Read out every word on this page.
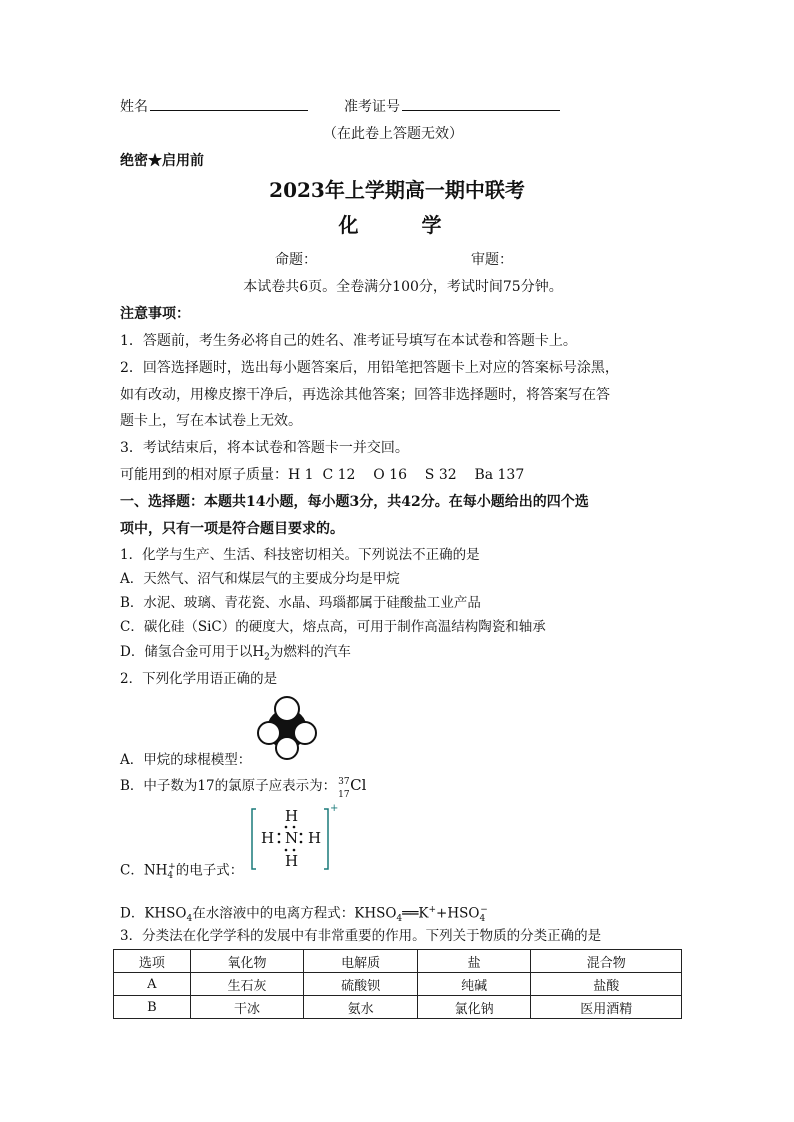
姓名	准考证号
（在此卷上答题无效）
绝密★启用前
2023年上学期高一期中联考
化 学
命题：	审题：
本试卷共6页。全卷满分100分，考试时间75分钟。
注意事项：
1．答题前，考生务必将自己的姓名、准考证号填写在本试卷和答题卡上。
2．回答选择题时，选出每小题答案后，用铅笔把答题卡上对应的答案标号涂黑，
如有改动，用橡皮擦干净后，再选涂其他答案；回答非选择题时，将答案写在答
题卡上，写在本试卷上无效。
3．考试结束后，将本试卷和答题卡一并交回。
可能用到的相对原子质量：H 1  C 12    O 16    S 32    Ba 137
一、选择题：本题共14小题，每小题3分，共42分。在每小题给出的四个选
项中，只有一项是符合题目要求的。
1．化学与生产、生活、科技密切相关。下列说法不正确的是
A．天然气、沼气和煤层气的主要成分均是甲烷
B．水泥、玻璃、青花瓷、水晶、玛瑙都属于硅酸盐工业产品
C．碳化硅（SiC）的硬度大，熔点高，可用于制作高温结构陶瓷和轴承
D．储氢合金可用于以$H_2$为燃料的汽车
2．下列化学用语正确的是
A．甲烷的球棍模型：
B．中子数为17的氯原子应表示为： 37
17
Cl
H
H N H
H
+
C．$NH_4^+$的电子式：
D．$KHSO_4$在水溶液中的电离方程式：$KHSO_4══K^++HSO_4^-$
3．分类法在化学学科的发展中有非常重要的作用。下列关于物质的分类正确的是
选项	氧化物	电解质	盐	混合物
A	生石灰	硫酸钡	纯碱	盐酸
B	干冰	氨水	氯化钠	医用酒精
